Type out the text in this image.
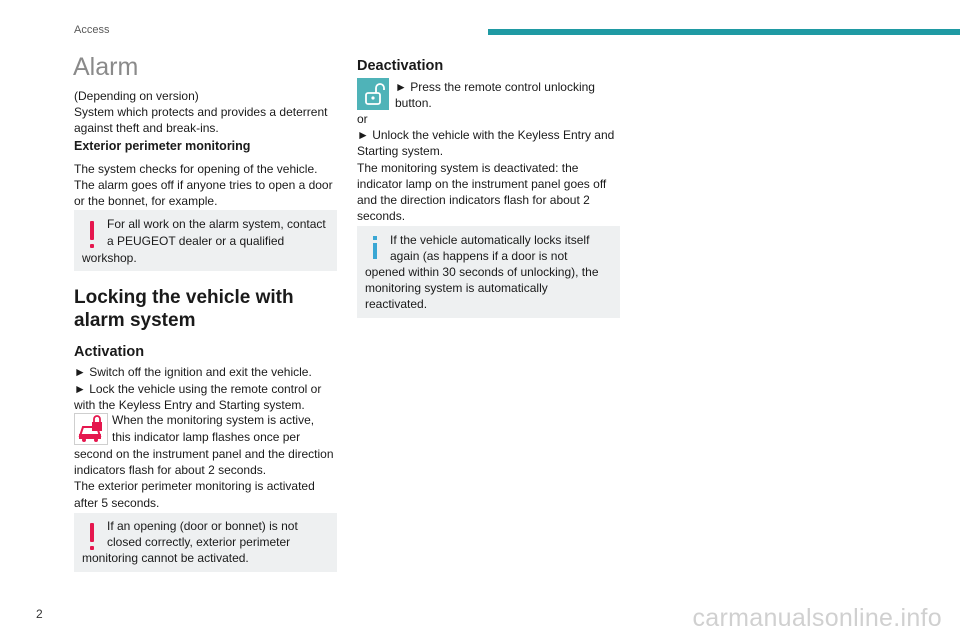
Access
Alarm
(Depending on version)
System which protects and provides a deterrent
against theft and break-ins.
Exterior perimeter monitoring
The system checks for opening of the vehicle.
The alarm goes off if anyone tries to open a door
or the bonnet, for example.
For all work on the alarm system, contact
a PEUGEOT dealer or a qualified
workshop.
Locking the vehicle with
alarm system
Activation
► Switch off the ignition and exit the vehicle.
► Lock the vehicle using the remote control or
with the Keyless Entry and Starting system.
When the monitoring system is active,
this indicator lamp flashes once per
second on the instrument panel and the direction
indicators flash for about 2 seconds.
The exterior perimeter monitoring is activated
after 5 seconds.
If an opening (door or bonnet) is not
closed correctly, exterior perimeter
monitoring cannot be activated.
Deactivation
► Press the remote control unlocking
button.
or
► Unlock the vehicle with the Keyless Entry and
Starting system.
The monitoring system is deactivated: the
indicator lamp on the instrument panel goes off
and the direction indicators flash for about 2
seconds.
If the vehicle automatically locks itself
again (as happens if a door is not
opened within 30 seconds of unlocking), the
monitoring system is automatically
reactivated.
2	carmanualsonline.info
